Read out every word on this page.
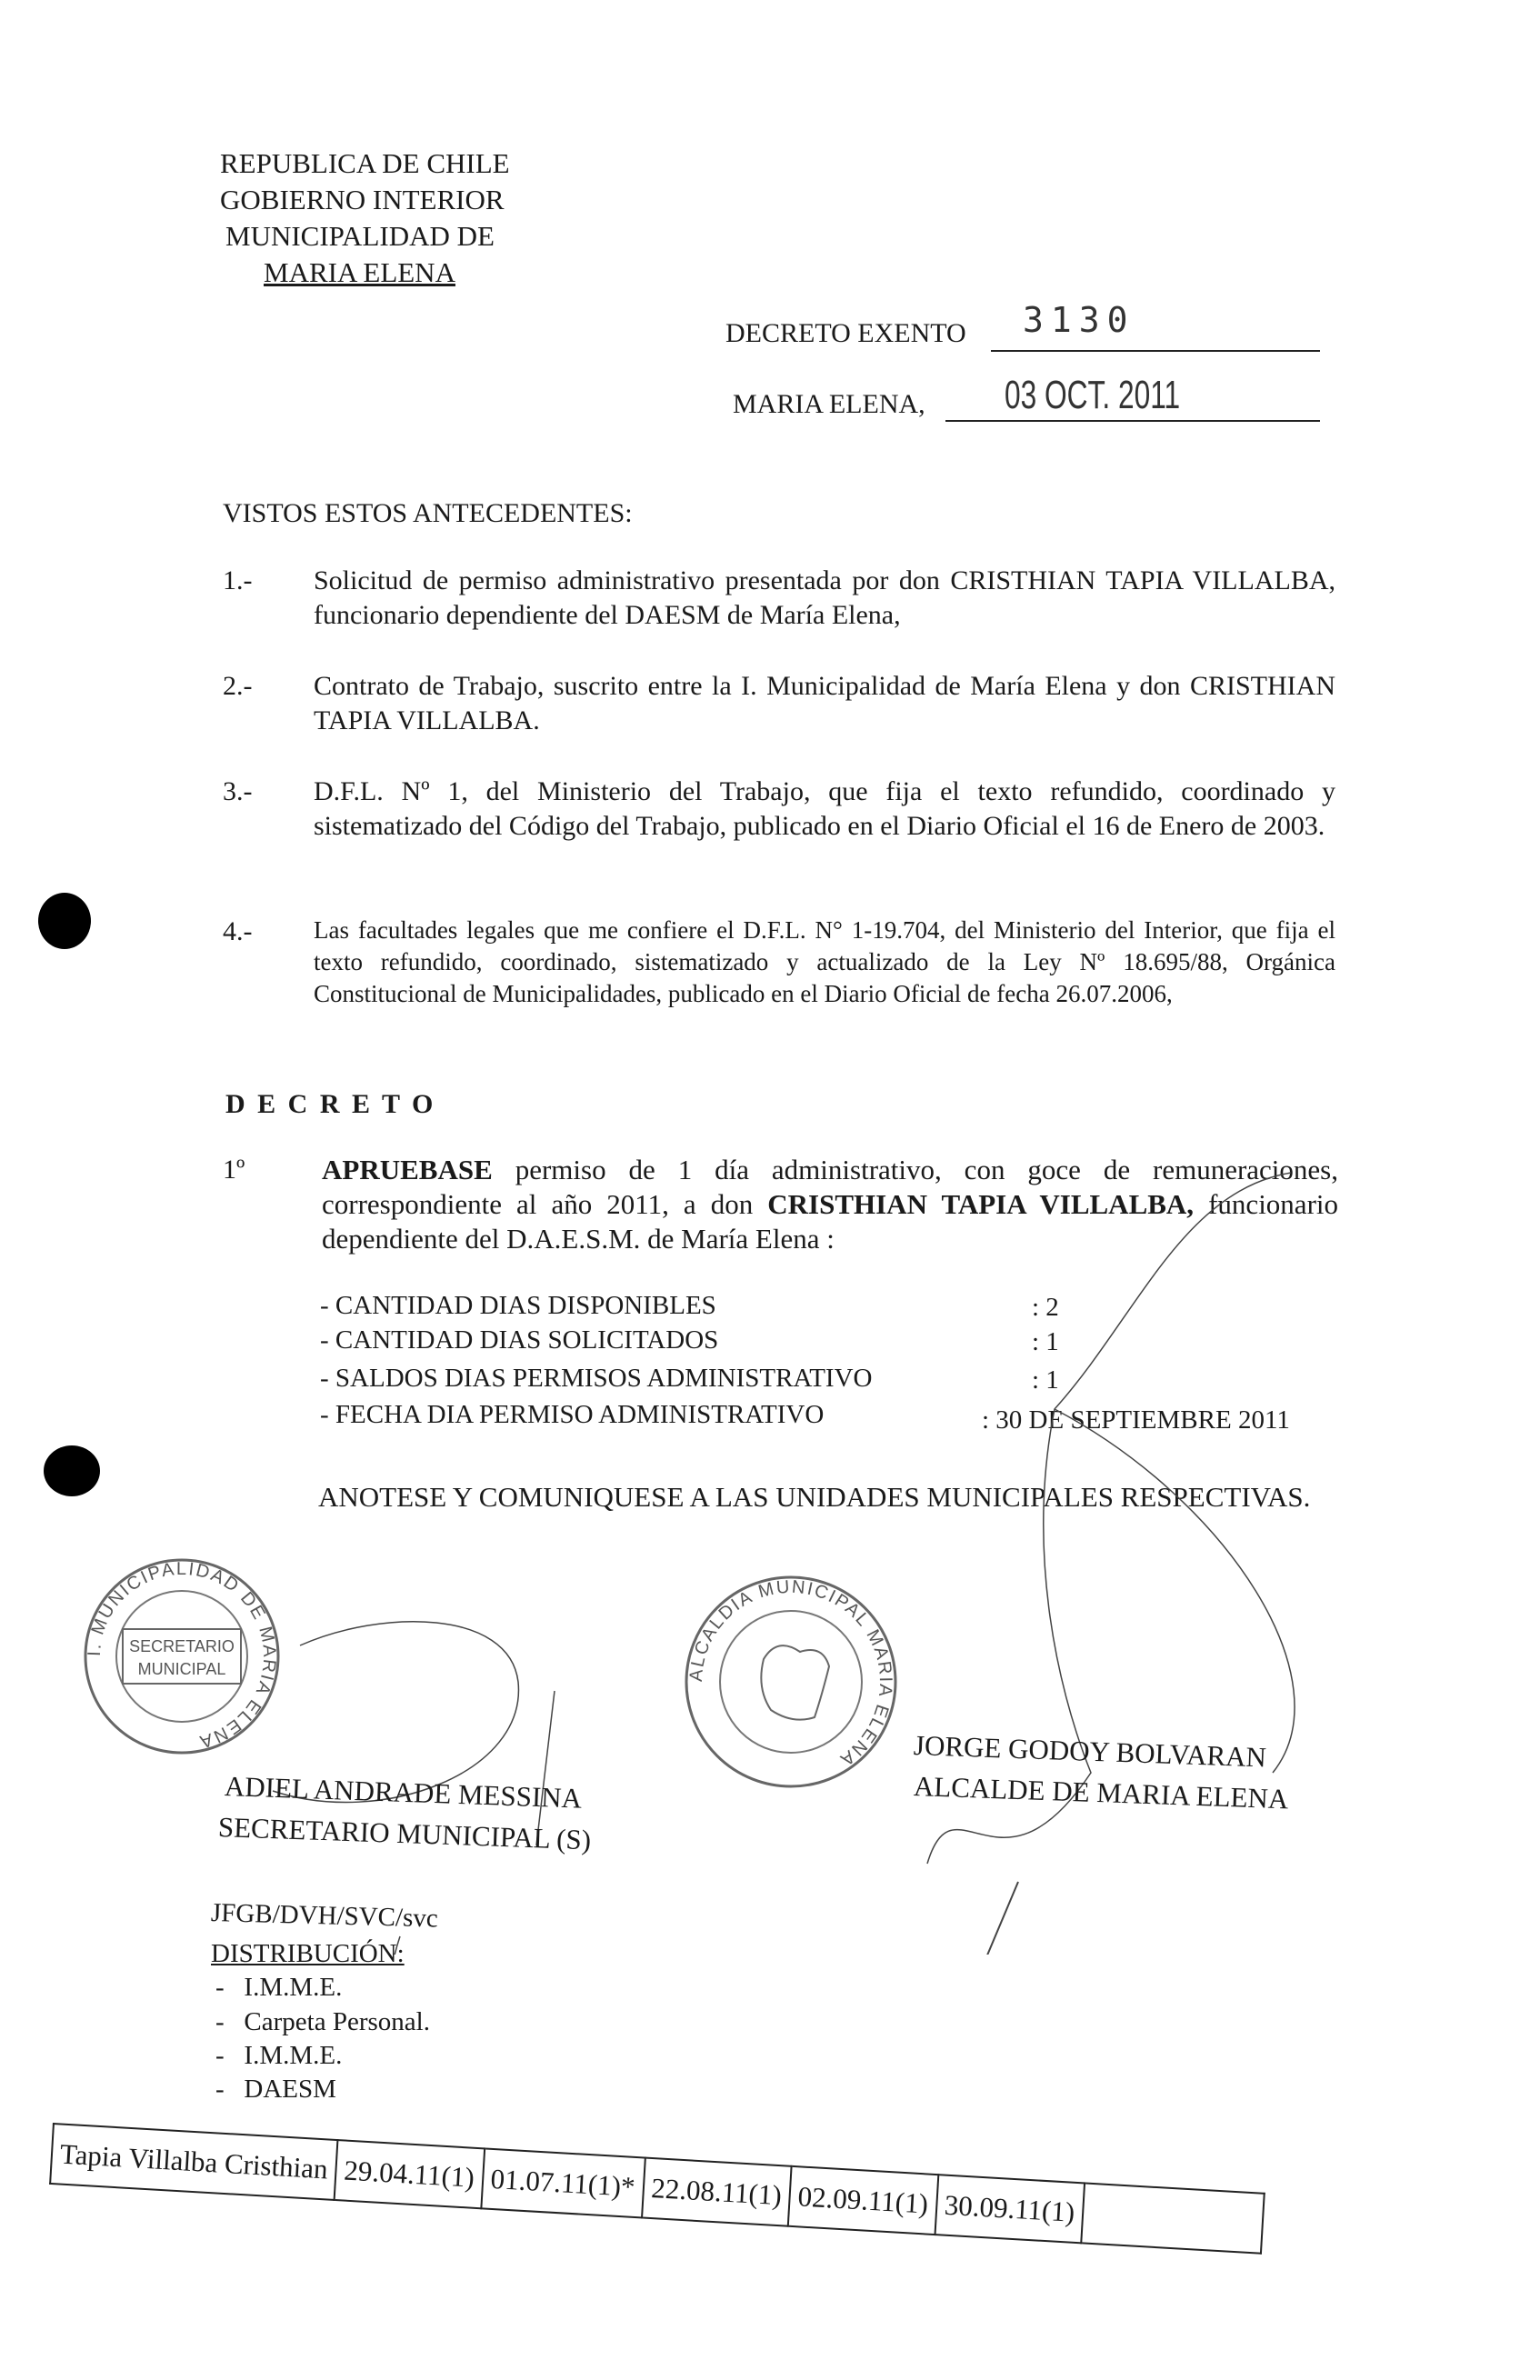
REPUBLICA DE CHILE
GOBIERNO INTERIOR
MUNICIPALIDAD DE
MARIA ELENA
DECRETO EXENTO 3130
MARIA ELENA, 03 OCT. 2011
VISTOS ESTOS ANTECEDENTES:
1.- Solicitud de permiso administrativo presentada por don CRISTHIAN TAPIA VILLALBA, funcionario dependiente del DAESM de María Elena,
2.- Contrato de Trabajo, suscrito entre la I. Municipalidad de María Elena y don CRISTHIAN TAPIA VILLALBA.
3.- D.F.L. Nº 1, del Ministerio del Trabajo, que fija el texto refundido, coordinado y sistematizado del Código del Trabajo, publicado en el Diario Oficial el 16 de Enero de 2003.
4.-	Las facultades legales que me confiere el D.F.L. N° 1-19.704, del Ministerio del Interior, que fija el texto refundido, coordinado, sistematizado y actualizado de la Ley Nº 18.695/88, Orgánica Constitucional de Municipalidades, publicado en el Diario Oficial de fecha 26.07.2006,
D E C R E T O
1º	APRUEBASE permiso de 1 día administrativo, con goce de remuneraciones, correspondiente al año 2011, a don CRISTHIAN TAPIA VILLALBA, funcionario dependiente del D.A.E.S.M. de María Elena :
- CANTIDAD DIAS DISPONIBLES	: 2
- CANTIDAD DIAS SOLICITADOS	: 1
- SALDOS DIAS PERMISOS ADMINISTRATIVO	: 1
- FECHA DIA PERMISO ADMINISTRATIVO	: 30 DE SEPTIEMBRE 2011
ANOTESE Y COMUNIQUESE A LAS UNIDADES MUNICIPALES RESPECTIVAS.
I. MUNICIPALIDAD DE MARIA ELENA
SECRETARIO
MUNICIPAL	ALCALDIA MUNICIPAL MARIA ELENA
ADIEL ANDRADE MESSINA
SECRETARIO MUNICIPAL (S)
JORGE GODOY BOLVARAN
ALCALDE DE MARIA ELENA
JFGB/DVH/SVC/svc
DISTRIBUCIÓN:
-   I.M.M.E.
-   Carpeta Personal.
-   I.M.M.E.
-   DAESM
Tapia Villalba Cristhian	29.04.11(1)	01.07.11(1)*	22.08.11(1)	02.09.11(1)	30.09.11(1)	
